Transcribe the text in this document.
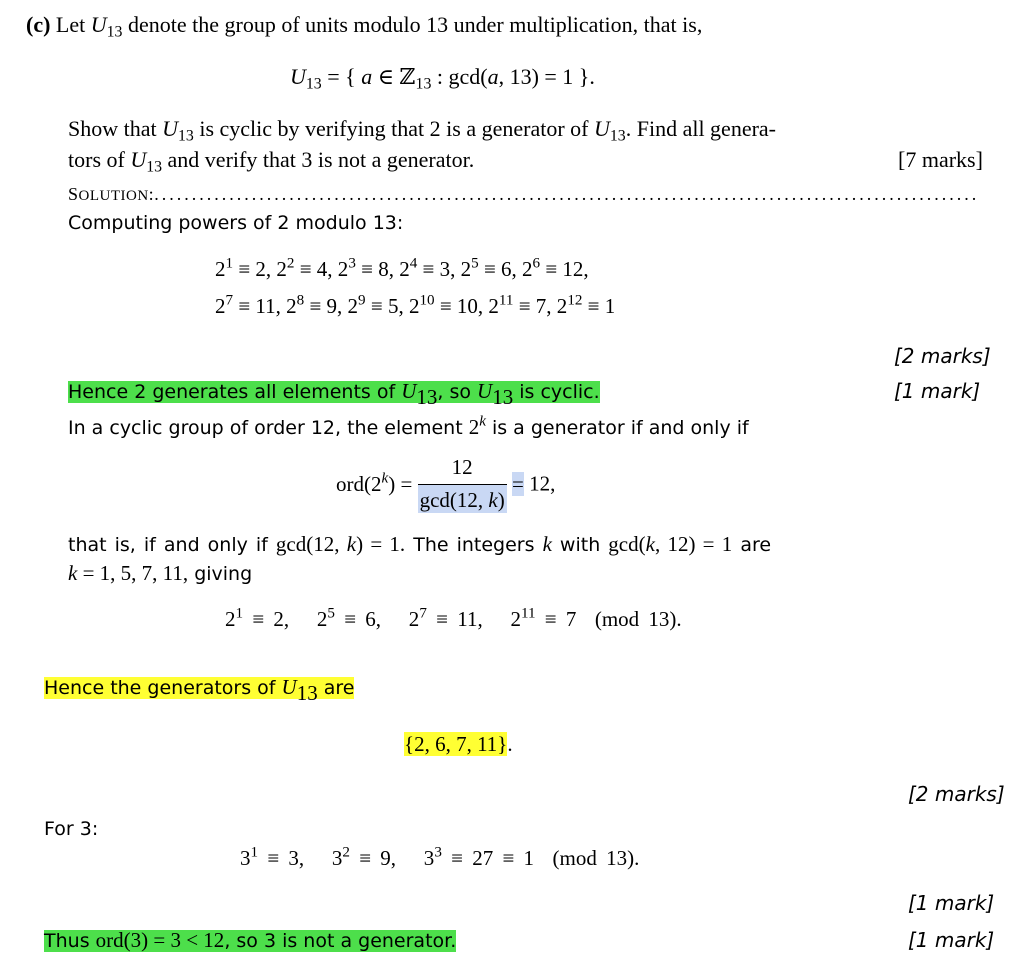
(c) Let $U_{13}$ denote the group of units modulo 13 under multiplication, that is,
$U_{13}$ = { a ∈ ℤ$_{13}$ : gcd(a, 13) = 1 }.
Show that $U_{13}$ is cyclic by verifying that 2 is a generator of $U_{13}$. Find all genera-
tors of $U_{13}$ and verify that 3 is not a generator.	[7 marks]
SOLUTION:..............................................................................................................
Computing powers of 2 modulo 13:
$2^1 \equiv 2$, $2^2 \equiv 4$, $2^3 \equiv 8$, $2^4 \equiv 3$, $2^5 \equiv 6$, $2^6 \equiv 12$,
$2^7 \equiv 11$, $2^8 \equiv 9$, $2^9 \equiv 5$, $2^{10} \equiv 10$, $2^{11} \equiv 7$, $2^{12} \equiv 1$
[2 marks]
Hence 2 generates all elements of $U_{13}$, so $U_{13}$ is cyclic.	[1 mark]
In a cyclic group of order 12, the element 2$^k$ is a generator if and only if
$ord(2^k) = \frac{12}{\gcd(12, k)} = 12$,
that is, if and only if gcd(12, k) = 1. The integers k with gcd(k, 12) = 1 are
k = 1, 5, 7, 11, giving
$2^1 \equiv 2$,   $2^5 \equiv 6$,   $2^7 \equiv 11$,   $2^{11} \equiv 7$  (mod 13).
Hence the generators of $U_{13}$ are
{2, 6, 7, 11}.
[2 marks]
For 3:
$3^1 \equiv 3$,   $3^2 \equiv 9$,   $3^3 \equiv 27 \equiv 1$  (mod 13).
[1 mark]
Thus ord(3) = 3 < 12, so 3 is not a generator.	[1 mark]
